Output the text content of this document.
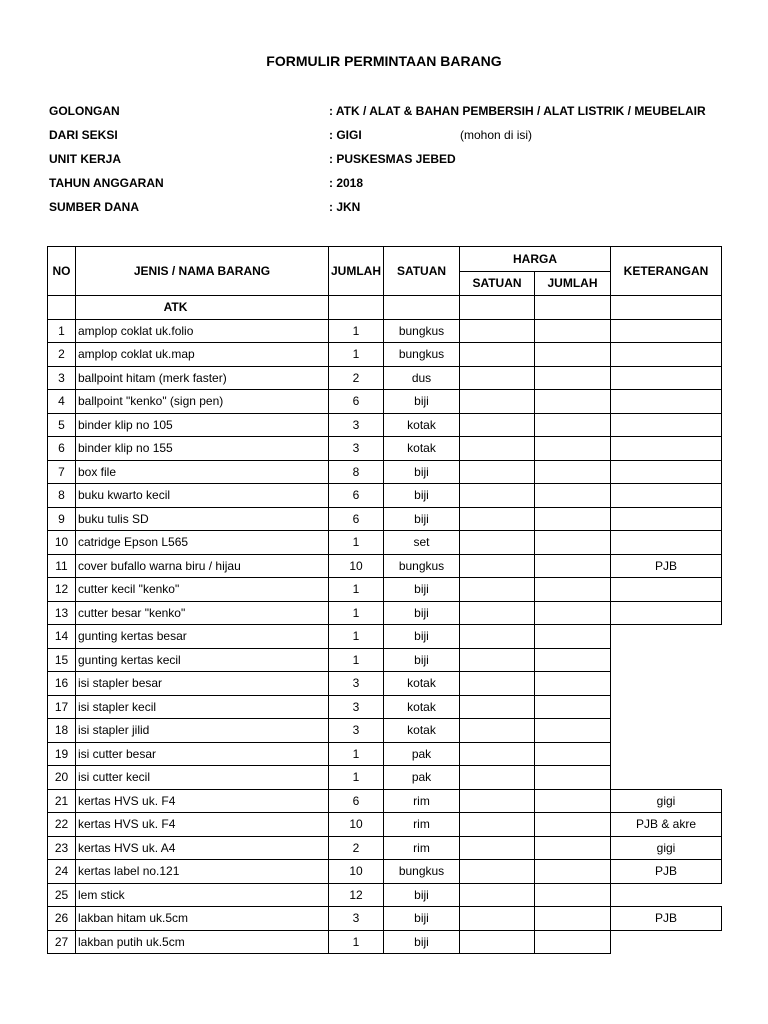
FORMULIR PERMINTAAN BARANG
GOLONGAN	: ATK / ALAT & BAHAN PEMBERSIH / ALAT LISTRIK / MEUBELAIR
DARI SEKSI	: GIGI	(mohon di isi)
UNIT KERJA	: PUSKESMAS JEBED
TAHUN ANGGARAN	: 2018
SUMBER DANA	: JKN
NO	JENIS / NAMA BARANG	JUMLAH	SATUAN	HARGA		KETERANGAN
				SATUAN	JUMLAH	
	ATK					
1	amplop coklat uk.folio	1	bungkus			
2	amplop coklat uk.map	1	bungkus			
3	ballpoint hitam (merk faster)	2	dus			
4	ballpoint "kenko" (sign pen)	6	biji			
5	binder klip no 105	3	kotak			
6	binder klip no 155	3	kotak			
7	box file	8	biji			
8	buku kwarto kecil	6	biji			
9	buku tulis SD	6	biji			
10	catridge Epson L565	1	set			
11	cover bufallo warna biru / hijau	10	bungkus			PJB
12	cutter kecil "kenko"	1	biji			
13	cutter besar "kenko"	1	biji			
14	gunting kertas besar	1	biji			
15	gunting kertas kecil	1	biji			
16	isi stapler besar	3	kotak			
17	isi stapler kecil	3	kotak			
18	isi stapler jilid	3	kotak			
19	isi cutter besar	1	pak			
20	isi cutter kecil	1	pak			
21	kertas HVS uk. F4	6	rim			gigi
22	kertas HVS uk. F4	10	rim			PJB & akre
23	kertas HVS uk. A4	2	rim			gigi
24	kertas label no.121	10	bungkus			PJB
25	lem stick	12	biji			
26	lakban hitam uk.5cm	3	biji			PJB
27	lakban putih uk.5cm	1	biji			
